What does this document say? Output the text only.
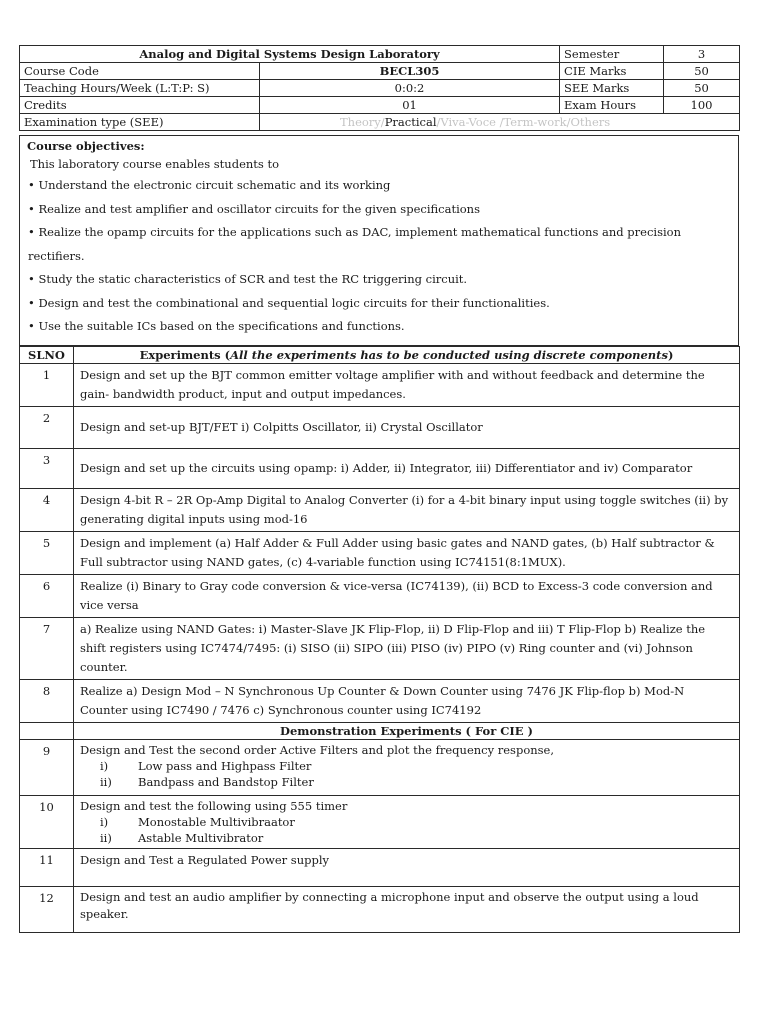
Analog and Digital Systems Design Laboratory		Semester	3
Course Code	BECL305	CIE Marks	50
Teaching Hours/Week (L:T:P: S)	0:0:2	SEE Marks	50
Credits	01	Exam Hours	100
Examination type (SEE)	Theory/Practical/Viva-Voce /Term-work/Others		
Course objectives:
This laboratory course enables students to
• Understand the electronic circuit schematic and its working
• Realize and test amplifier and oscillator circuits for the given specifications
• Realize the opamp circuits for the applications such as DAC, implement mathematical functions and precision
rectifiers.
• Study the static characteristics of SCR and test the RC triggering circuit.
• Design and test the combinational and sequential logic circuits for their functionalities.
• Use the suitable ICs based on the specifications and functions.
SLNO	Experiments (All the experiments has to be conducted using discrete components)
1	Design and set up the BJT common emitter voltage amplifier with and without feedback and determine the gain- bandwidth product, input and output impedances.
2	Design and set-up BJT/FET i) Colpitts Oscillator, ii) Crystal Oscillator
3	Design and set up the circuits using opamp: i) Adder, ii) Integrator, iii) Differentiator and iv) Comparator
4	Design 4-bit R – 2R Op-Amp Digital to Analog Converter (i) for a 4-bit binary input using toggle switches (ii) by generating digital inputs using mod-16
5	Design and implement (a) Half Adder & Full Adder using basic gates and NAND gates, (b) Half subtractor & Full subtractor using NAND gates, (c) 4-variable function using IC74151(8:1MUX).
6	Realize (i) Binary to Gray code conversion & vice-versa (IC74139), (ii) BCD to Excess-3 code conversion and vice versa
7	a) Realize using NAND Gates: i) Master-Slave JK Flip-Flop, ii) D Flip-Flop and iii) T Flip-Flop b) Realize the shift registers using IC7474/7495: (i) SISO (ii) SIPO (iii) PISO (iv) PIPO (v) Ring counter and (vi) Johnson counter.
8	Realize a) Design Mod – N Synchronous Up Counter & Down Counter using 7476 JK Flip-flop b) Mod-N Counter using IC7490 / 7476 c) Synchronous counter using IC74192
	Demonstration Experiments ( For CIE )
9	Design and Test the second order Active Filters and plot the frequency response,
i) Low pass and Highpass Filter
ii) Bandpass and Bandstop Filter

10	Design and test the following using 555 timer
i) Monostable Multivibraator
ii) Astable Multivibrator

11	Design and Test a Regulated Power supply
12	Design and test an audio amplifier by connecting a microphone input and observe the output using a loud speaker.
